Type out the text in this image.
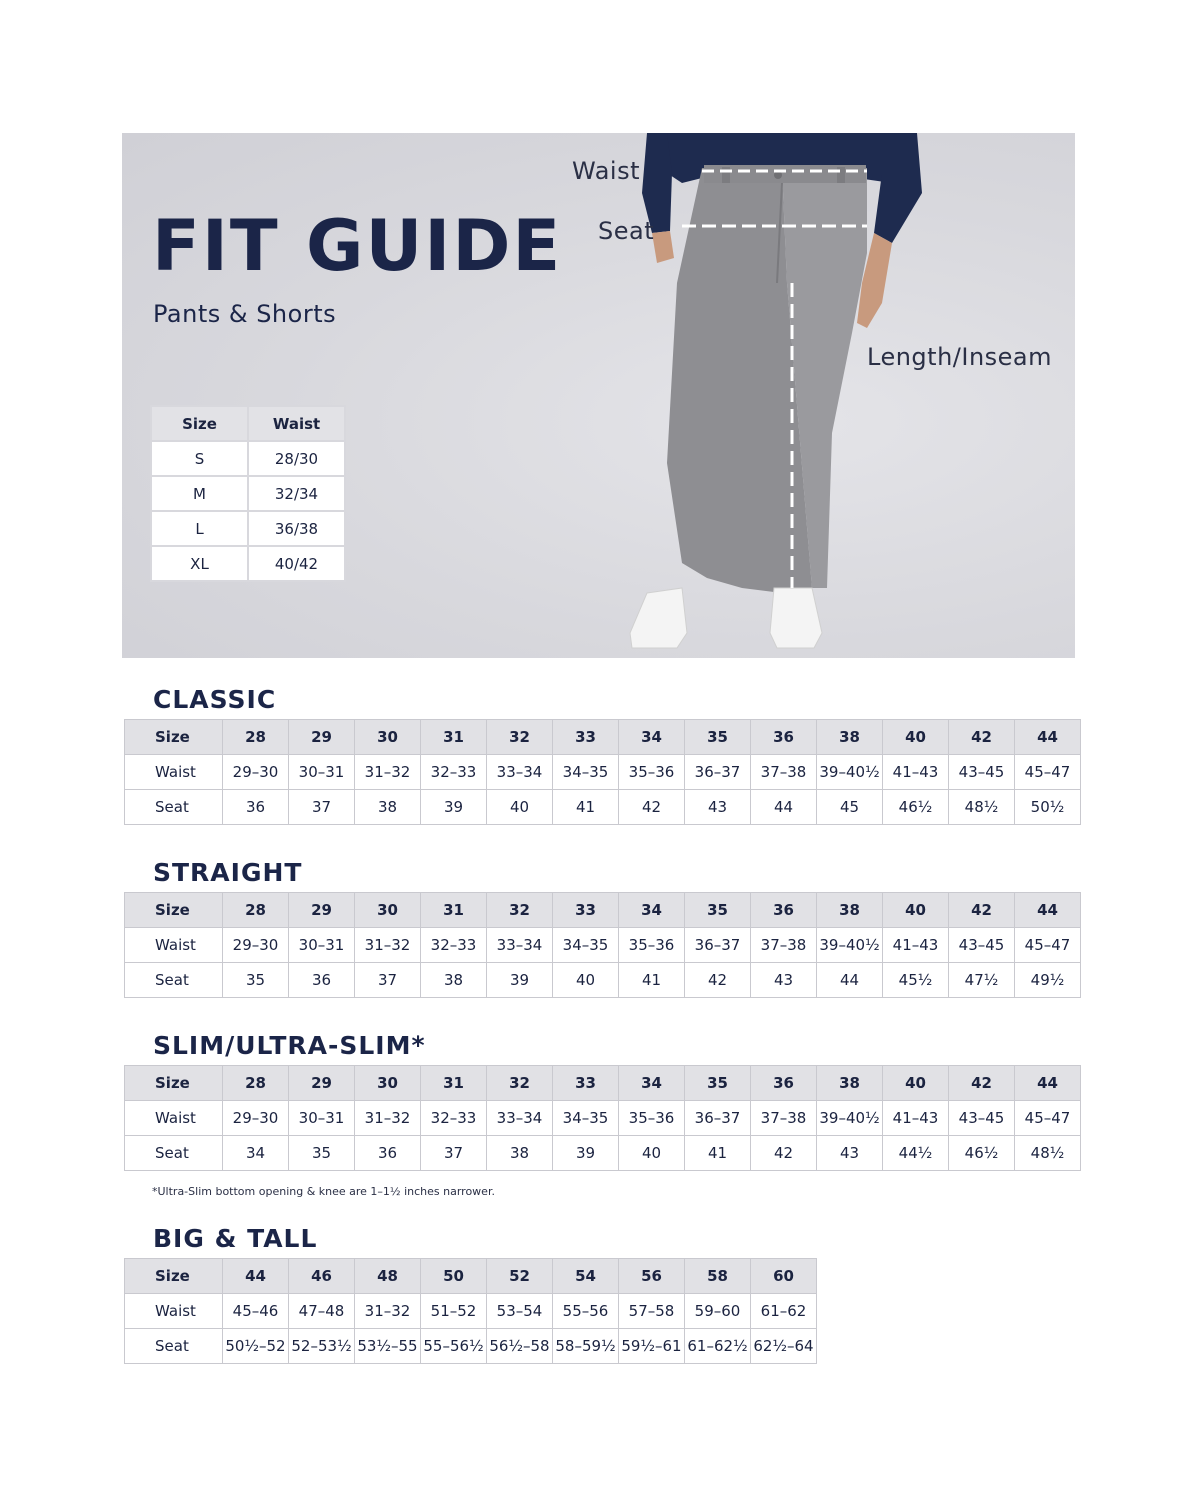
FIT GUIDE
Pants & Shorts
Waist
Seat
Length/Inseam
Size	Waist
S	28/30
M	32/34
L	36/38
XL	40/42
CLASSIC
Size	28	29	30	31	32	33	34	35	36	38	40	42	44
Waist	29–30	30–31	31–32	32–33	33–34	34–35	35–36	36–37	37–38	39–40½	41–43	43–45	45–47
Seat	36	37	38	39	40	41	42	43	44	45	46½	48½	50½
STRAIGHT
Size	28	29	30	31	32	33	34	35	36	38	40	42	44
Waist	29–30	30–31	31–32	32–33	33–34	34–35	35–36	36–37	37–38	39–40½	41–43	43–45	45–47
Seat	35	36	37	38	39	40	41	42	43	44	45½	47½	49½
SLIM/ULTRA-SLIM*
Size	28	29	30	31	32	33	34	35	36	38	40	42	44
Waist	29–30	30–31	31–32	32–33	33–34	34–35	35–36	36–37	37–38	39–40½	41–43	43–45	45–47
Seat	34	35	36	37	38	39	40	41	42	43	44½	46½	48½
BIG & TALL
Size	44	46	48	50	52	54	56	58	60
Waist	45–46	47–48	31–32	51–52	53–54	55–56	57–58	59–60	61–62
Seat	50½–52	52–53½	53½–55	55–56½	56½–58	58–59½	59½–61	61–62½	62½–64
*Ultra-Slim bottom opening & knee are 1–1½ inches narrower.
